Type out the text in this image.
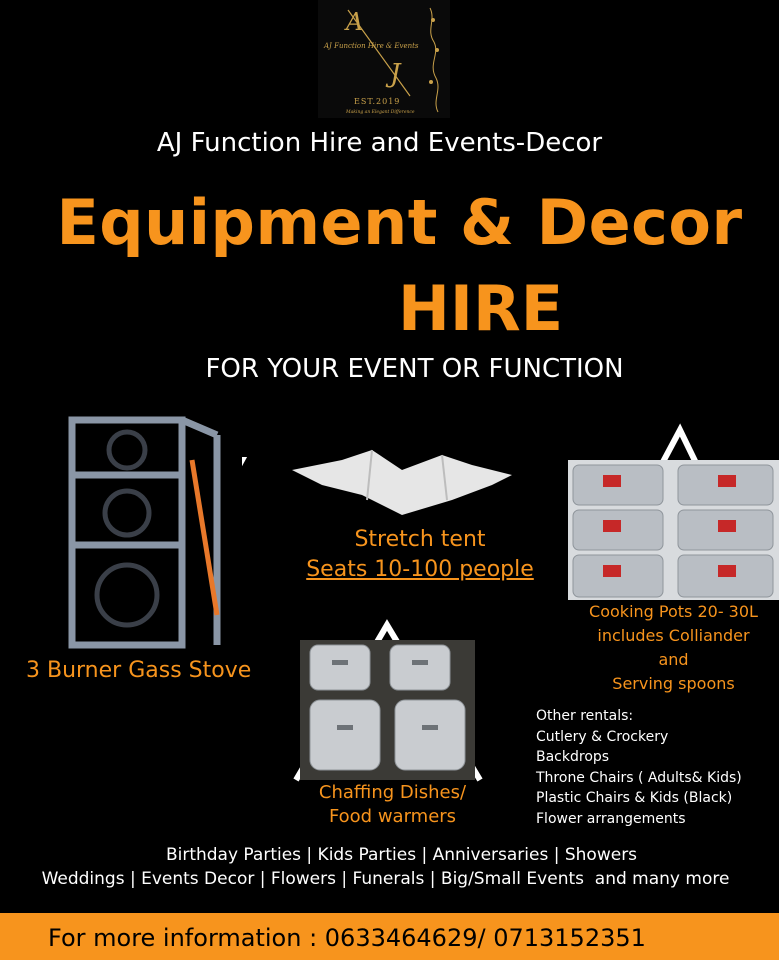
A
J
AJ Function Hire & Events
EST.2019
Making an Elegant Difference
AJ Function Hire and Events-Decor
Equipment & Decor
HIRE
FOR YOUR EVENT OR FUNCTION
3 Burner Gass Stove
Stretch tent
Seats 10-100 people
Cooking Pots 20- 30L
includes Colliander
and
Serving spoons
Chaffing Dishes/
Food warmers
Other rentals:
Cutlery & Crockery
Backdrops
Throne Chairs ( Adults& Kids)
Plastic Chairs & Kids (Black)
Flower arrangements
Birthday Parties | Kids Parties | Anniversaries | Showers
Weddings | Events Decor | Flowers | Funerals | Big/Small Events  and many more
For more information : 0633464629/ 0713152351
